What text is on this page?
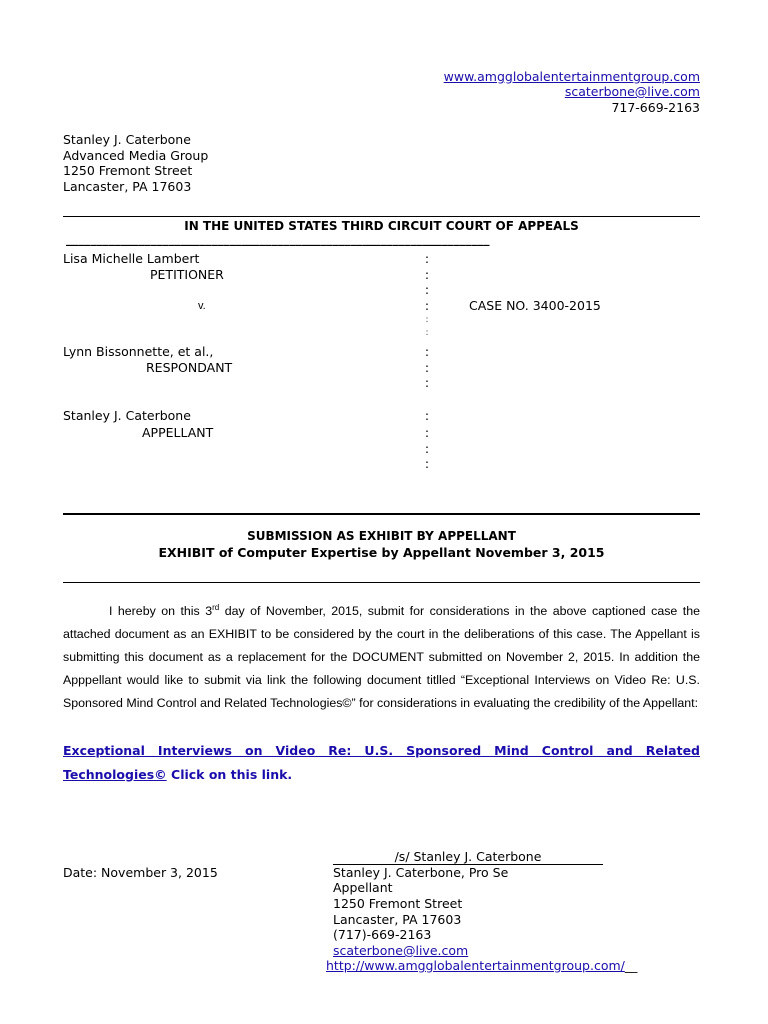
www.amgglobalentertainmentgroup.com
scaterbone@live.com
717-669-2163
Stanley J. Caterbone
Advanced Media Group
1250 Fremont Street
Lancaster, PA 17603
IN THE UNITED STATES THIRD CIRCUIT COURT OF APPEALS
______________________________________________________________________
Lisa Michelle Lambert
PETITIONER
v.	CASE NO. 3400-2015
Lynn Bissonnette, et al.,
RESPONDANT
Stanley J. Caterbone
APPELLANT
:
:
:
:
:
:
:
:
:
:
:
:
:
SUBMISSION AS EXHIBIT BY APPELLANT
EXHIBIT of Computer Expertise by Appellant November 3, 2015

I hereby on this 3rd day of November, 2015, submit for considerations in the above captioned case the attached document as an EXHIBIT to be considered by the court in the deliberations of this case. The Appellant is submitting this document as a replacement for the DOCUMENT submitted on November 2, 2015. In addition the Apppellant would like to submit via link the following document titlled “Exceptional Interviews on Video Re: U.S. Sponsored Mind Control and Related Technologies©” for considerations in evaluating the credibility of the Appellant:

Exceptional Interviews on Video Re: U.S. Sponsored Mind Control and Related Technologies© Click on this link.

Date: November 3, 2015
/s/ Stanley J. Caterbone
Stanley J. Caterbone, Pro Se
Appellant
1250 Fremont Street
Lancaster, PA 17603
(717)-669-2163
scaterbone@live.com
http://www.amgglobalentertainmentgroup.com/__
